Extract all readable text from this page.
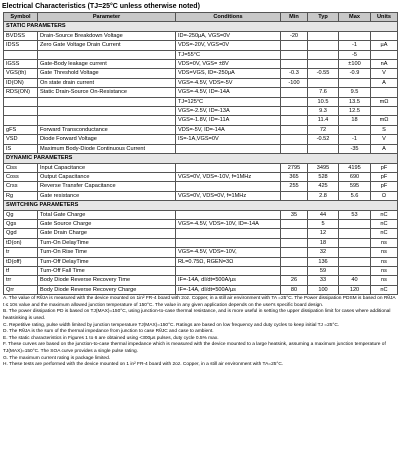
Electrical Characteristics (TJ=25°C unless otherwise noted)
Symbol	Parameter	Conditions	Min	Typ	Max	Units
STATIC PARAMETERS						
BVDSS	Drain-Source Breakdown Voltage	ID=-250µA, VGS=0V	-20			
IDSS	Zero Gate Voltage Drain Current	VDS=-20V, VGS=0V			-1	µA
		TJ=55°C			-5	
IGSS	Gate-Body leakage current	VDS=0V, VGS= ±8V			±100	nA
VGS(th)	Gate Threshold Voltage	VDS=VGS, ID=-250µA	-0.3	-0.55	-0.9	V
ID(ON)	On state drain current	VGS=-4.5V, VDS=-5V	-100			A
RDS(ON)	Static Drain-Source On-Resistance	VGS=-4.5V, ID=-14A		7.6	9.5	
		TJ=125°C		10.5	13.5	mΩ
		VGS=-2.5V, ID=-13A		9.3	12.5	
		VGS=-1.8V, ID=-11A		11.4	18	mΩ
gFS	Forward Transconductance	VDS=-5V, ID=-14A		72		S
VSD	Diode Forward Voltage	IS=-1A,VGS=0V		-0.52	-1	V
IS	Maximum Body-Diode Continuous Current				-35	A
DYNAMIC PARAMETERS						
Ciss	Input Capacitance		2795	3495	4195	pF
Coss	Output Capacitance	VGS=0V, VDS=-10V, f=1MHz	365	528	690	pF
Crss	Reverse Transfer Capacitance		255	425	595	pF
Rg	Gate resistance	VGS=0V, VDS=0V, f=1MHz		2.8	5.6	Ω
SWITCHING PARAMETERS						
Qg	Total Gate Charge		35	44	53	nC
Qgs	Gate Source Charge	VGS=-4.5V, VDS=-10V, ID=-14A		5		nC
Qgd	Gate Drain Charge			12		nC
tD(on)	Turn-On DelayTime			18		ns
tr	Turn-On Rise Time	VGS=-4.5V, VDS=-10V,		32		ns
tD(off)	Turn-Off DelayTime	RL=0.75Ω, RGEN=3Ω		136		ns
tf	Turn-Off Fall Time			59		ns
trr	Body Diode Reverse Recovery Time	IF=-14A, dI/dt=500A/µs	26	33	40	ns
Qrr	Body Diode Reverse Recovery Charge	IF=-14A, dI/dt=500A/µs	80	100	120	nC
A. The value of RθJA is measured with the device mounted on 1in² FR-4 board with 2oz. Copper, in a still air environment with TA =25°C. The Power dissipation PDSM is based on RθJA t ≤ 10s value and the maximum allowed junction temperature of 150°C. The value in any given application depends on the user's specific board design.
B. The power dissipation PD is based on TJ(MAX)=150°C, using junction-to-case thermal resistance, and is more useful in setting the upper dissipation limit for cases where additional heatsinking is used.
C. Repetitive rating, pulse width limited by junction temperature TJ(MAX)=150°C. Ratings are based on low frequency and duty cycles to keep initial TJ =25°C.
D. The RθJA is the sum of the thermal impedance from junction to case RθJC and case to ambient.
E. The static characteristics in Figures 1 to 6 are obtained using <300µs pulses, duty cycle 0.5% max.
F. These curves are based on the junction-to-case thermal impedance which is measured with the device mounted to a large heatsink, assuming a maximum junction temperature of TJ(MAX)=150°C. The SOA curve provides a single pulse rating.
G. The maximum current rating is package limited.
H. These tests are performed with the device mounted on 1 in² FR-4 board with 2oz. Copper, in a still air environment with TA=25°C.
